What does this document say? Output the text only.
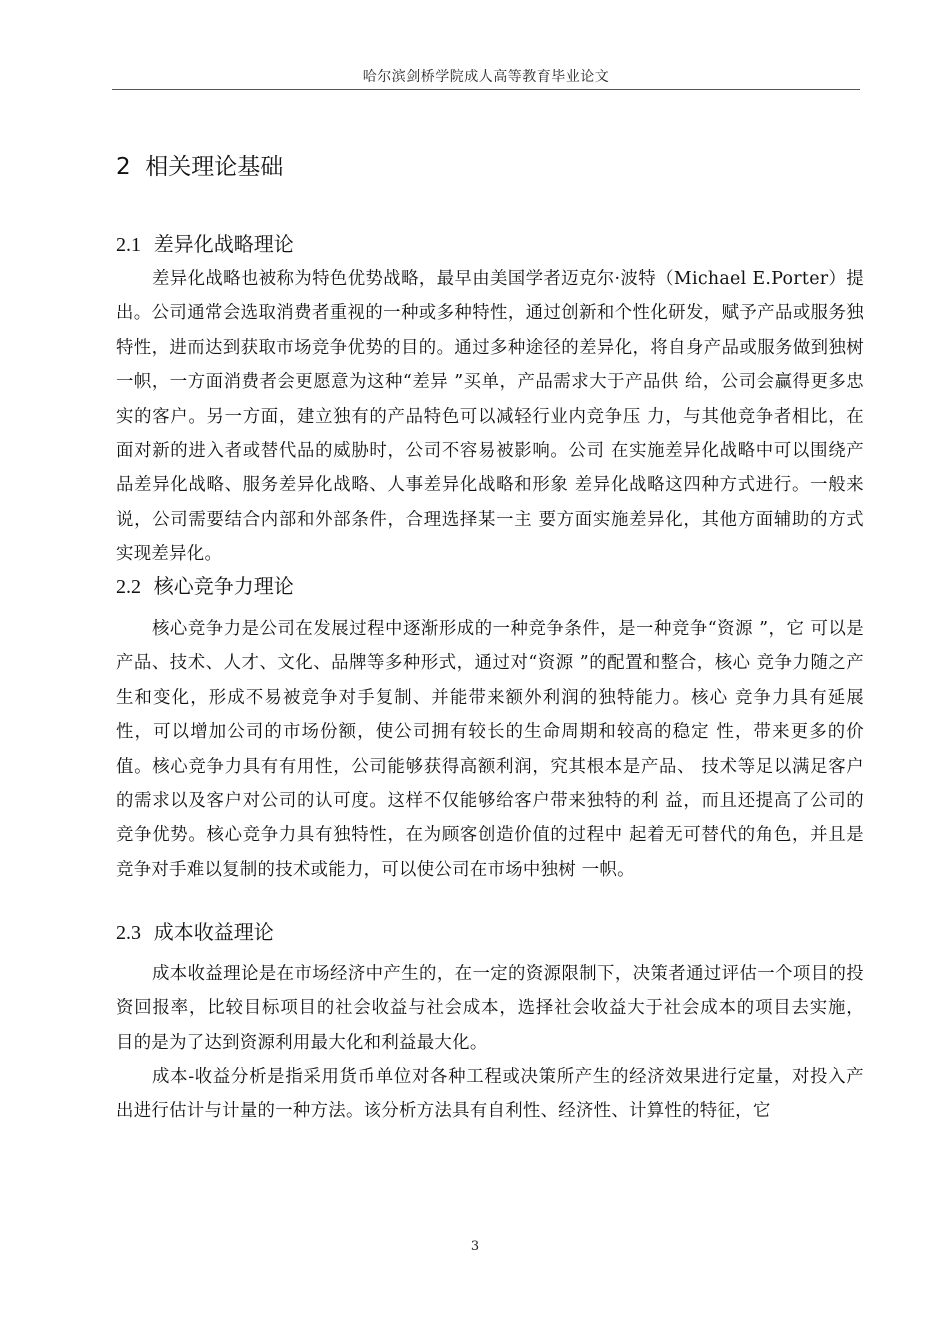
哈尔滨剑桥学院成人高等教育毕业论文
2 相关理论基础
2.1 差异化战略理论

差异化战略也被称为特色优势战略，最早由美国学者迈克尔·波特（Michael E.Porter）提出。公司通常会选取消费者重视的一种或多种特性，通过创新和个性化研发，赋予产品或服务独特性，进而达到获取市场竞争优势的目的。通过多种途径的差异化，将自身产品或服务做到独树一帜，一方面消费者会更愿意为这种“差异 ”买单，产品需求大于产品供 给，公司会赢得更多忠实的客户。另一方面，建立独有的产品特色可以减轻行业内竞争压 力，与其他竞争者相比，在面对新的进入者或替代品的威胁时，公司不容易被影响。公司 在实施差异化战略中可以围绕产品差异化战略、服务差异化战略、人事差异化战略和形象 差异化战略这四种方式进行。一般来说，公司需要结合内部和外部条件，合理选择某一主 要方面实施差异化，其他方面辅助的方式实现差异化。

2.2 核心竞争力理论

核心竞争力是公司在发展过程中逐渐形成的一种竞争条件，是一种竞争“资源 ”，它 可以是产品、技术、人才、文化、品牌等多种形式，通过对“资源 ”的配置和整合，核心 竞争力随之产生和变化，形成不易被竞争对手复制、并能带来额外利润的独特能力。核心 竞争力具有延展性，可以增加公司的市场份额，使公司拥有较长的生命周期和较高的稳定 性，带来更多的价值。核心竞争力具有有用性，公司能够获得高额利润，究其根本是产品、 技术等足以满足客户的需求以及客户对公司的认可度。这样不仅能够给客户带来独特的利 益，而且还提高了公司的竞争优势。核心竞争力具有独特性，在为顾客创造价值的过程中 起着无可替代的角色，并且是竞争对手难以复制的技术或能力，可以使公司在市场中独树 一帜。

2.3 成本收益理论

成本收益理论是在市场经济中产生的，在一定的资源限制下，决策者通过评估一个项目的投资回报率，比较目标项目的社会收益与社会成本，选择社会收益大于社会成本的项目去实施， 目的是为了达到资源利用最大化和利益最大化。

成本-收益分析是指采用货币单位对各种工程或决策所产生的经济效果进行定量，对投入产出进行估计与计量的一种方法。该分析方法具有自利性、经济性、计算性的特征，它

3
